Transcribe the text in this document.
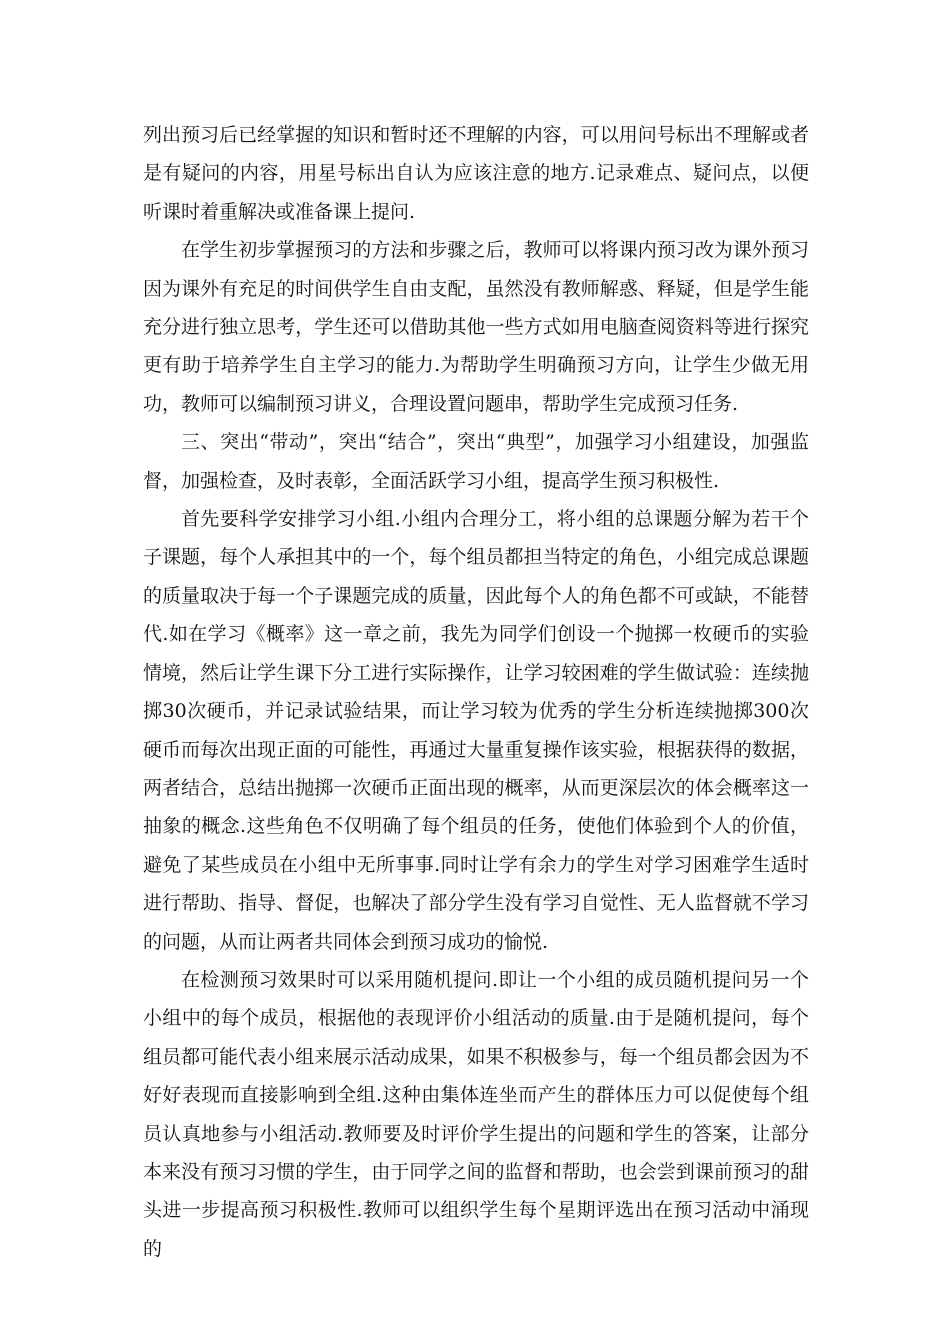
列出预习后已经掌握的知识和暂时还不理解的内容，可以用问号标出不理解或者是有疑问的内容，用星号标出自认为应该注意的地方.记录难点、疑问点，以便听课时着重解决或准备课上提问.

在学生初步掌握预习的方法和步骤之后，教师可以将课内预习改为课外预习因为课外有充足的时间供学生自由支配，虽然没有教师解惑、释疑，但是学生能充分进行独立思考，学生还可以借助其他一些方式如用电脑查阅资料等进行探究更有助于培养学生自主学习的能力.为帮助学生明确预习方向，让学生少做无用功，教师可以编制预习讲义，合理设置问题串，帮助学生完成预习任务.

三、突出“带动”，突出“结合”，突出“典型”，加强学习小组建设，加强监督，加强检查，及时表彰，全面活跃学习小组，提高学生预习积极性.

首先要科学安排学习小组.小组内合理分工，将小组的总课题分解为若干个子课题，每个人承担其中的一个，每个组员都担当特定的角色，小组完成总课题的质量取决于每一个子课题完成的质量，因此每个人的角色都不可或缺，不能替代.如在学习《概率》这一章之前，我先为同学们创设一个抛掷一枚硬币的实验情境，然后让学生课下分工进行实际操作，让学习较困难的学生做试验：连续抛掷30次硬币，并记录试验结果，而让学习较为优秀的学生分析连续抛掷300次硬币而每次出现正面的可能性，再通过大量重复操作该实验，根据获得的数据，两者结合，总结出抛掷一次硬币正面出现的概率，从而更深层次的体会概率这一抽象的概念.这些角色不仅明确了每个组员的任务，使他们体验到个人的价值，避免了某些成员在小组中无所事事.同时让学有余力的学生对学习困难学生适时进行帮助、指导、督促，也解决了部分学生没有学习自觉性、无人监督就不学习的问题，从而让两者共同体会到预习成功的愉悦.

在检测预习效果时可以采用随机提问.即让一个小组的成员随机提问另一个小组中的每个成员，根据他的表现评价小组活动的质量.由于是随机提问，每个组员都可能代表小组来展示活动成果，如果不积极参与，每一个组员都会因为不好好表现而直接影响到全组.这种由集体连坐而产生的群体压力可以促使每个组员认真地参与小组活动.教师要及时评价学生提出的问题和学生的答案，让部分本来没有预习习惯的学生，由于同学之间的监督和帮助，也会尝到课前预习的甜头进一步提高预习积极性.教师可以组织学生每个星期评选出在预习活动中涌现的
